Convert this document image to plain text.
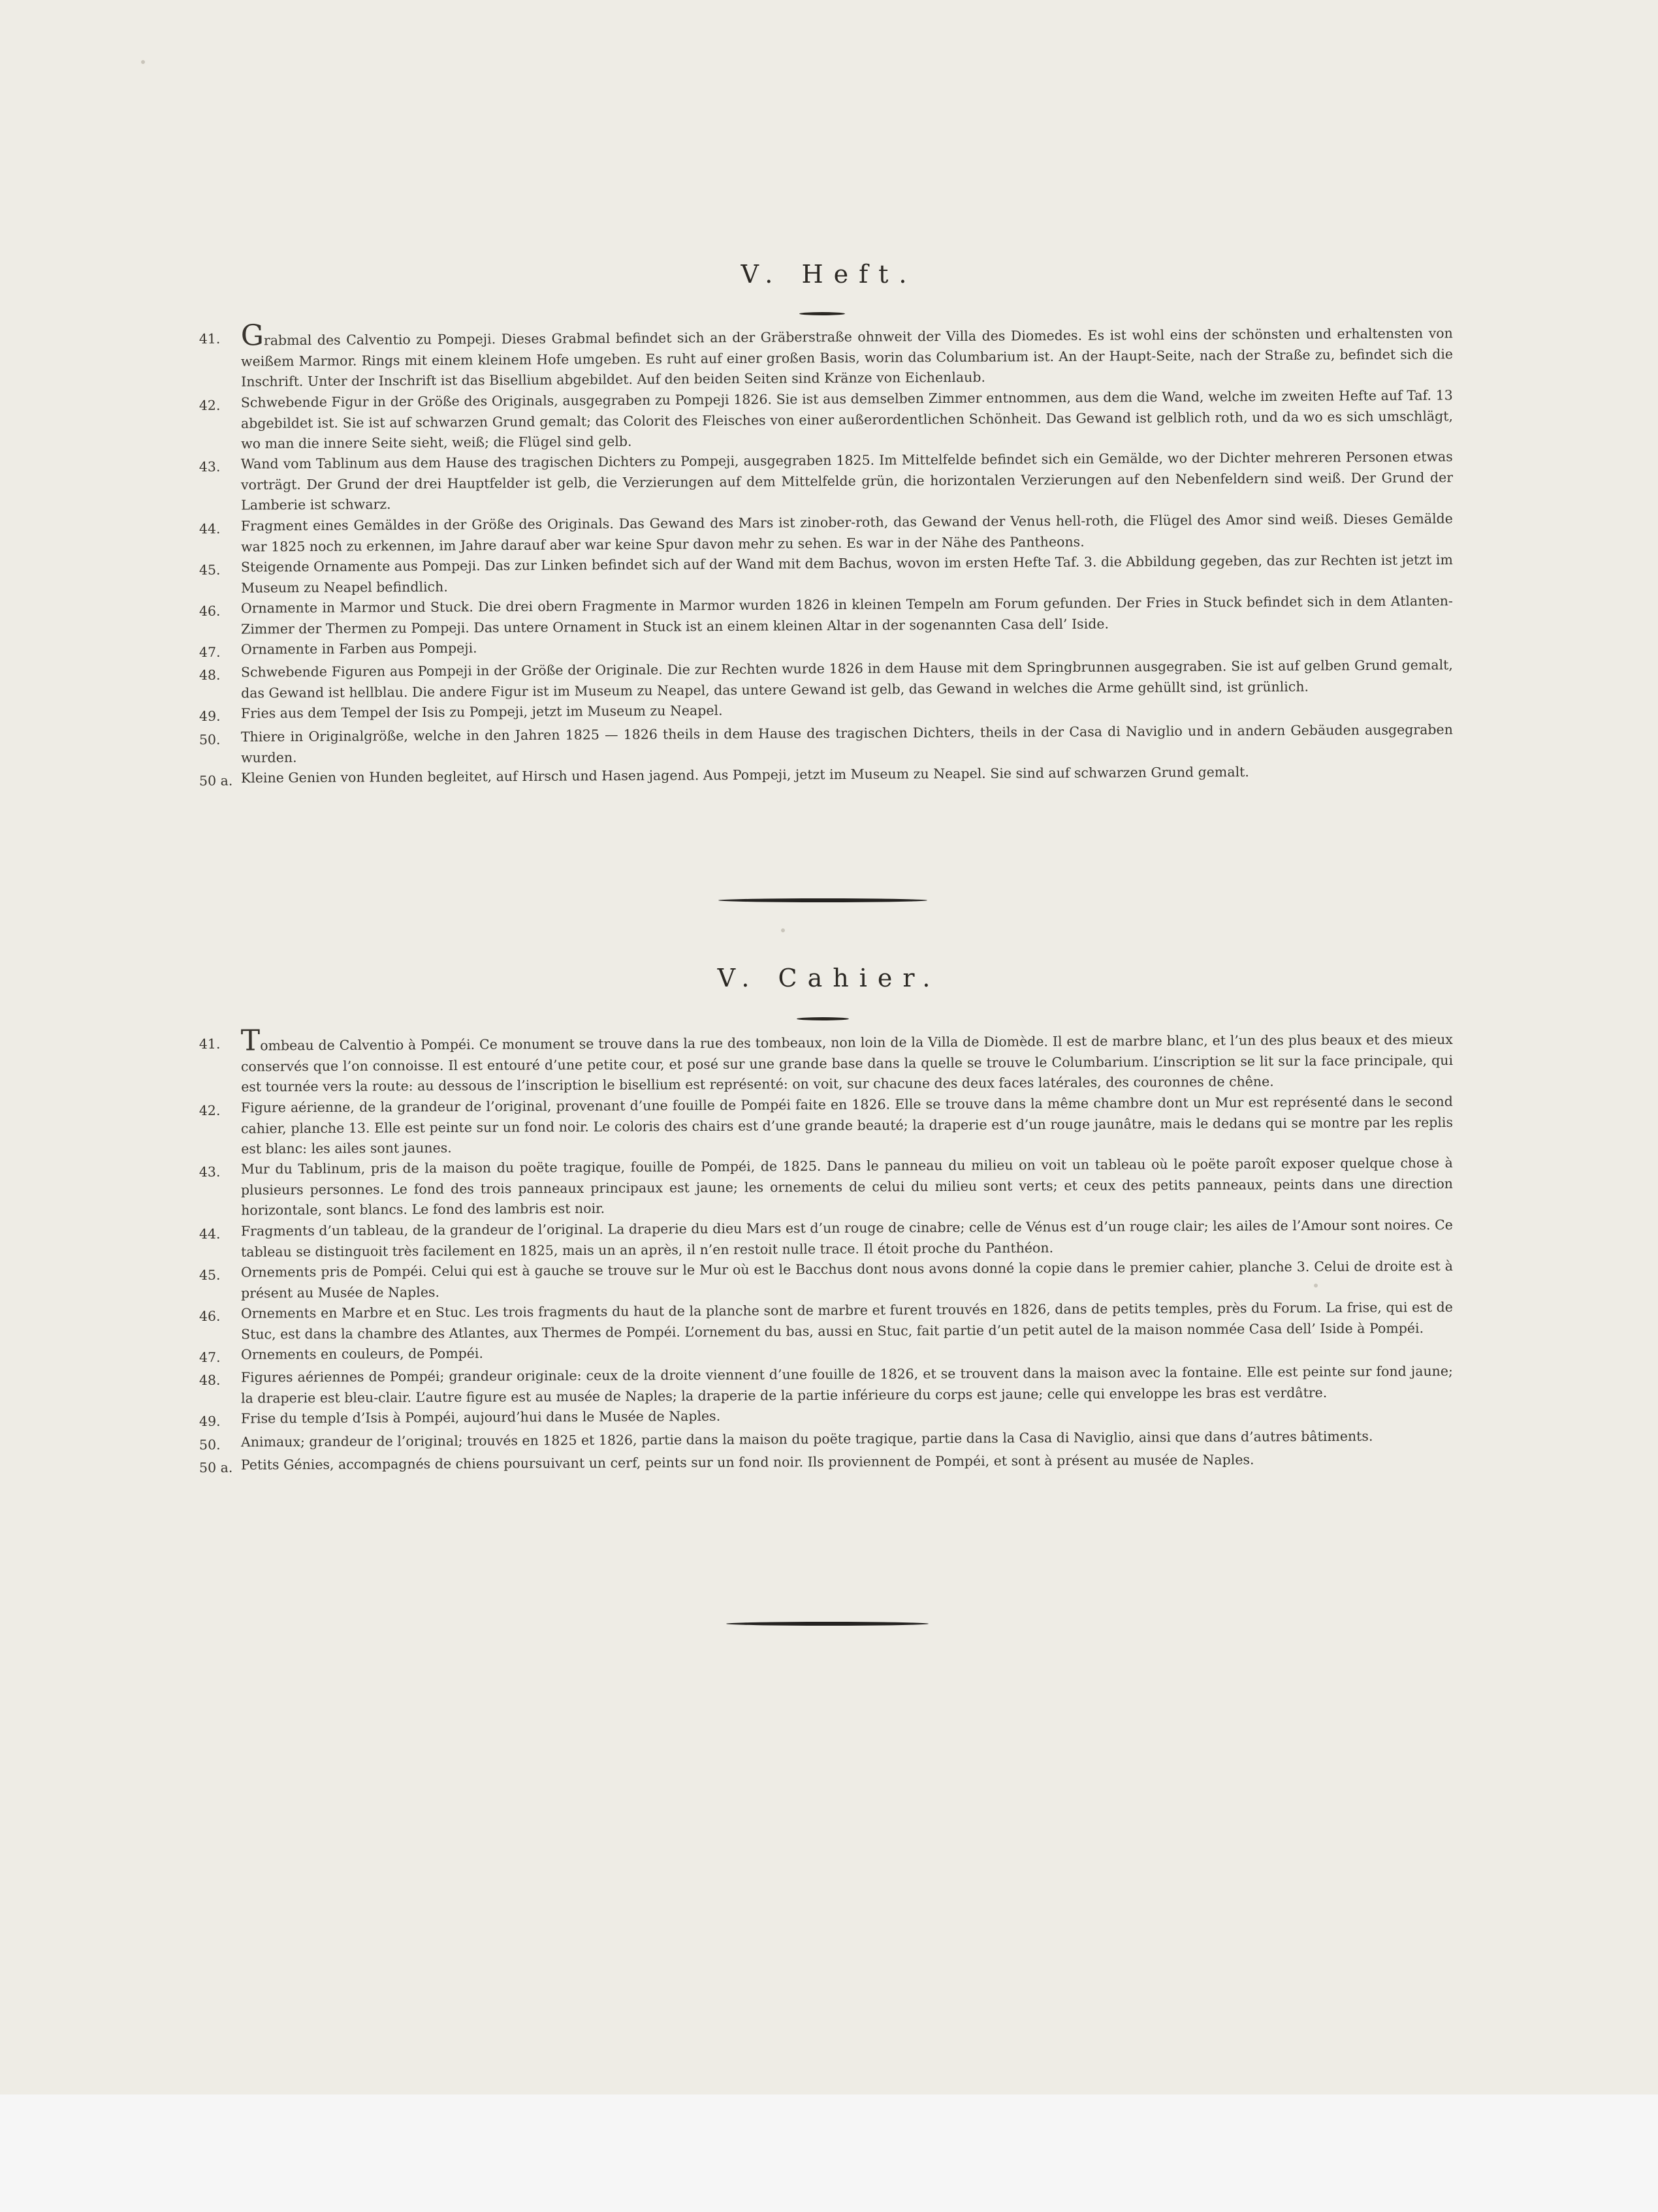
V. Heft.
41. Grabmal des Calventio zu Pompeji. Dieses Grabmal befindet sich an der Gräberstraße ohnweit der Villa des Diomedes. Es ist wohl eins der schönsten und erhaltensten von weißem Marmor. Rings mit einem kleinem Hofe umgeben. Es ruht auf einer großen Basis, worin das Columbarium ist. An der Haupt-Seite, nach der Straße zu, befindet sich die Inschrift. Unter der Inschrift ist das Bisellium abgebildet. Auf den beiden Seiten sind Kränze von Eichenlaub.
42.	Schwebende Figur in der Größe des Originals, ausgegraben zu Pompeji 1826. Sie ist aus demselben Zimmer entnommen, aus dem die Wand, welche im zweiten Hefte auf Taf. 13 abgebildet ist. Sie ist auf schwarzen Grund gemalt; das Colorit des Fleisches von einer außerordentlichen Schönheit. Das Gewand ist gelblich roth, und da wo es sich umschlägt, wo man die innere Seite sieht, weiß; die Flügel sind gelb.
43.	Wand vom Tablinum aus dem Hause des tragischen Dichters zu Pompeji, ausgegraben 1825. Im Mittelfelde befindet sich ein Gemälde, wo der Dichter mehreren Personen etwas vorträgt. Der Grund der drei Hauptfelder ist gelb, die Verzierungen auf dem Mittelfelde grün, die horizontalen Verzierungen auf den Nebenfeldern sind weiß. Der Grund der Lamberie ist schwarz.
44.	Fragment eines Gemäldes in der Größe des Originals. Das Gewand des Mars ist zinober-roth, das Gewand der Venus hell-roth, die Flügel des Amor sind weiß. Dieses Gemälde war 1825 noch zu erkennen, im Jahre darauf aber war keine Spur davon mehr zu sehen. Es war in der Nähe des Pantheons.
45.	Steigende Ornamente aus Pompeji. Das zur Linken befindet sich auf der Wand mit dem Bachus, wovon im ersten Hefte Taf. 3. die Abbildung gegeben, das zur Rechten ist jetzt im Museum zu Neapel befindlich.
46.	Ornamente in Marmor und Stuck. Die drei obern Fragmente in Marmor wurden 1826 in kleinen Tempeln am Forum gefunden. Der Fries in Stuck befindet sich in dem Atlanten-Zimmer der Thermen zu Pompeji. Das untere Ornament in Stuck ist an einem kleinen Altar in der sogenannten Casa dell’ Iside.
47.	Ornamente in Farben aus Pompeji.
48.	Schwebende Figuren aus Pompeji in der Größe der Originale. Die zur Rechten wurde 1826 in dem Hause mit dem Springbrunnen ausgegraben. Sie ist auf gelben Grund gemalt, das Gewand ist hellblau. Die andere Figur ist im Museum zu Neapel, das untere Gewand ist gelb, das Gewand in welches die Arme gehüllt sind, ist grünlich.
49.	Fries aus dem Tempel der Isis zu Pompeji, jetzt im Museum zu Neapel.
50.	Thiere in Originalgröße, welche in den Jahren 1825 — 1826 theils in dem Hause des tragischen Dichters, theils in der Casa di Naviglio und in andern Gebäuden ausgegraben wurden.
50 a. Kleine Genien von Hunden begleitet, auf Hirsch und Hasen jagend. Aus Pompeji, jetzt im Museum zu Neapel. Sie sind auf schwarzen Grund gemalt.
V. Cahier.
41. Tombeau de Calventio à Pompéi. Ce monument se trouve dans la rue des tombeaux, non loin de la Villa de Diomède. Il est de marbre blanc, et l’un des plus beaux et des mieux conservés que l’on connoisse. Il est entouré d’une petite cour, et posé sur une grande base dans la quelle se trouve le Columbarium. L’inscription se lit sur la face principale, qui est tournée vers la route: au dessous de l’inscription le bisellium est représenté: on voit, sur chacune des deux faces latérales, des couronnes de chêne.
42.	Figure aérienne, de la grandeur de l’original, provenant d’une fouille de Pompéi faite en 1826. Elle se trouve dans la même chambre dont un Mur est représenté dans le second cahier, planche 13. Elle est peinte sur un fond noir. Le coloris des chairs est d’une grande beauté; la draperie est d’un rouge jaunâtre, mais le dedans qui se montre par les replis est blanc: les ailes sont jaunes.
43.	Mur du Tablinum, pris de la maison du poëte tragique, fouille de Pompéi, de 1825. Dans le panneau du milieu on voit un tableau où le poëte paroît exposer quelque chose à plusieurs personnes. Le fond des trois panneaux principaux est jaune; les ornements de celui du milieu sont verts; et ceux des petits panneaux, peints dans une direction horizontale, sont blancs. Le fond des lambris est noir.
44.	Fragments d’un tableau, de la grandeur de l’original. La draperie du dieu Mars est d’un rouge de cinabre; celle de Vénus est d’un rouge clair; les ailes de l’Amour sont noires. Ce tableau se distinguoit très facilement en 1825, mais un an après, il n’en restoit nulle trace. Il étoit proche du Panthéon.
45.	Ornements pris de Pompéi. Celui qui est à gauche se trouve sur le Mur où est le Bacchus dont nous avons donné la copie dans le premier cahier, planche 3. Celui de droite est à présent au Musée de Naples.
46.	Ornements en Marbre et en Stuc. Les trois fragments du haut de la planche sont de marbre et furent trouvés en 1826, dans de petits temples, près du Forum. La frise, qui est de Stuc, est dans la chambre des Atlantes, aux Thermes de Pompéi. L’ornement du bas, aussi en Stuc, fait partie d’un petit autel de la maison nommée Casa dell’ Iside à Pompéi.
47.	Ornements en couleurs, de Pompéi.
48.	Figures aériennes de Pompéi; grandeur originale: ceux de la droite viennent d’une fouille de 1826, et se trouvent dans la maison avec la fontaine. Elle est peinte sur fond jaune; la draperie est bleu-clair. L’autre figure est au musée de Naples; la draperie de la partie inférieure du corps est jaune; celle qui enveloppe les bras est verdâtre.
49.	Frise du temple d’Isis à Pompéi, aujourd’hui dans le Musée de Naples.
50.	Animaux; grandeur de l’original; trouvés en 1825 et 1826, partie dans la maison du poëte tragique, partie dans la Casa di Naviglio, ainsi que dans d’autres bâtiments.
50 a. Petits Génies, accompagnés de chiens poursuivant un cerf, peints sur un fond noir. Ils proviennent de Pompéi, et sont à présent au musée de Naples.
